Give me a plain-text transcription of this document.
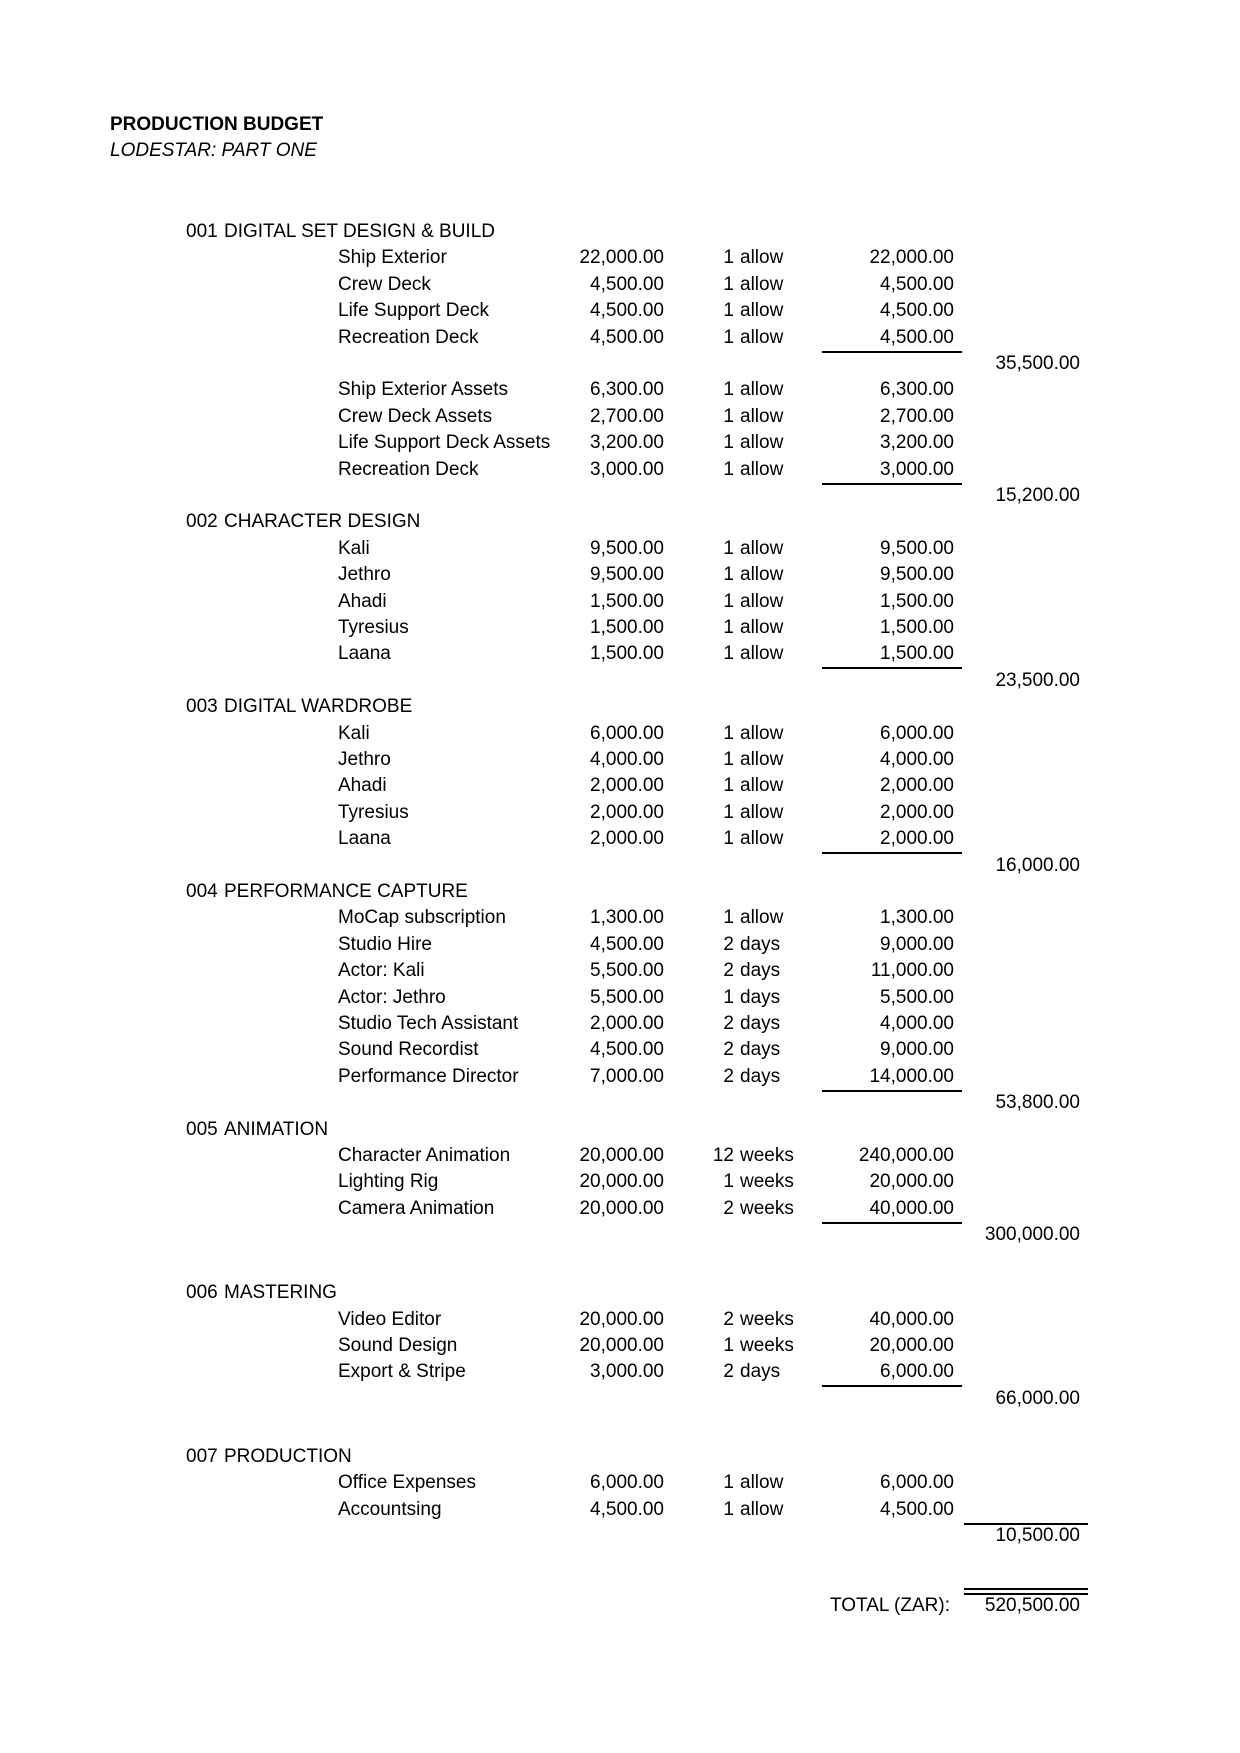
PRODUCTION BUDGET
LODESTAR: PART ONE
001 DIGITAL SET DESIGN & BUILD
Ship Exterior	22,000.00	1 allow	22,000.00
Crew Deck	4,500.00	1 allow	4,500.00
Life Support Deck	4,500.00	1 allow	4,500.00
Recreation Deck	4,500.00	1 allow	4,500.00
35,500.00
Ship Exterior Assets	6,300.00	1 allow	6,300.00
Crew Deck Assets	2,700.00	1 allow	2,700.00
Life Support Deck Assets	3,200.00	1 allow	3,200.00
Recreation Deck	3,000.00	1 allow	3,000.00
15,200.00
002 CHARACTER DESIGN
Kali	9,500.00	1 allow	9,500.00
Jethro	9,500.00	1 allow	9,500.00
Ahadi	1,500.00	1 allow	1,500.00
Tyresius	1,500.00	1 allow	1,500.00
Laana	1,500.00	1 allow	1,500.00
23,500.00
003 DIGITAL WARDROBE
Kali	6,000.00	1 allow	6,000.00
Jethro	4,000.00	1 allow	4,000.00
Ahadi	2,000.00	1 allow	2,000.00
Tyresius	2,000.00	1 allow	2,000.00
Laana	2,000.00	1 allow	2,000.00
16,000.00
004 PERFORMANCE CAPTURE
MoCap subscription	1,300.00	1 allow	1,300.00
Studio Hire	4,500.00	2 days	9,000.00
Actor: Kali	5,500.00	2 days	11,000.00
Actor: Jethro	5,500.00	1 days	5,500.00
Studio Tech Assistant	2,000.00	2 days	4,000.00
Sound Recordist	4,500.00	2 days	9,000.00
Performance Director	7,000.00	2 days	14,000.00
53,800.00
005 ANIMATION
Character Animation	20,000.00	12 weeks	240,000.00
Lighting Rig	20,000.00	1 weeks	20,000.00
Camera Animation	20,000.00	2 weeks	40,000.00
300,000.00
006 MASTERING
Video Editor	20,000.00	2 weeks	40,000.00
Sound Design	20,000.00	1 weeks	20,000.00
Export & Stripe	3,000.00	2 days	6,000.00
66,000.00
007 PRODUCTION
Office Expenses	6,000.00	1 allow	6,000.00
Accountsing	4,500.00	1 allow	4,500.00
10,500.00
TOTAL (ZAR):	520,500.00
